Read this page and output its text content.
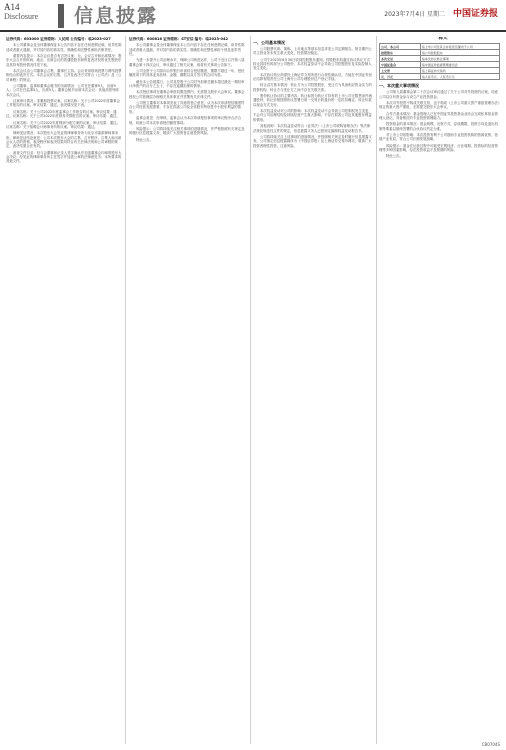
A14
Disclosure 信息披露	2023年7月4日 星期二 中国证券报

证券代码：603000 证券简称：人民网 公告编号：临2023-027

本公司董事会及全体董事保证本公告内容不存在任何虚假记载、误导性陈述或者重大遗漏，并对其内容的真实性、准确性和完整性承担法律责任。

重要内容提示：本次会议是否有否决议案：无。会议召开和出席情况：股东大会召开的时间、地点、出席会议的普通股股东和恢复表决权的优先股股东及其持有股份情况详见下表。

本次会议由公司董事会召集，董事长主持。会议采用现场投票与网络投票相结合的表决方式。本次会议的召集、召开及表决方式符合《公司法》及《公司章程》的规定。

公司董事、监事和董事会秘书的出席情况：公司在任董事9人，出席9人；公司在任监事5人，出席5人；董事会秘书出席本次会议；其他高管列席本次会议。

议案审议情况：非累积投票议案。议案名称：关于公司2022年度董事会工作报告的议案。审议结果：通过。表决情况见下表。

议案名称：关于公司2022年度监事会工作报告的议案。审议结果：通过。议案名称：关于公司2022年度财务决算报告的议案。审议结果：通过。

议案名称：关于公司2022年度利润分配方案的议案。审议结果：通过。议案名称：关于续聘会计师事务所的议案。审议结果：通过。

律师见证情况：本次股东大会见证的律师事务所为北京市嘉源律师事务所。律师见证结论意见：公司本次股东大会的召集、召开程序，召集人和出席会议人员的资格、表决程序和表决结果均符合有关法律法规和公司章程的规定，表决结果合法有效。

备查文件目录：经与会董事和记录人签字确认并加盖董事会印章的股东大会决议；经见证的律师事务所主任签字并加盖公章的法律意见书；本所要求的其他文件。

证券代码：600816 证券简称：ST安信 编号：临2023-042

本公司董事会及全体董事保证本公告内容不存在任何虚假记载、误导性陈述或者重大遗漏，并对其内容的真实性、准确性和完整性承担个别及连带责任。

为进一步提升公司治理水平，保障公司规范运作，公司于近日召开第八届董事会第十四次会议，审议通过了相关议案，现将有关事项公告如下。

公司全资子公司拟向合作银行申请综合授信额度，期限不超过一年，授信额度项下的具体业务品种、金额、期限以双方签订的合同为准。

截至本公告披露日，公司及控股子公司对外担保总额未超过最近一期经审计净资产的百分之五十，不存在逾期担保的情形。

本次授信事项在董事会审批权限范围内，无需提交股东大会审议。董事会授权公司管理层办理相关具体事宜并签署有关法律文件。

公司独立董事对本事项发表了同意的独立意见，认为本次申请授信额度符合公司经营发展需要，不存在损害公司及全体股东特别是中小股东利益的情形。

监事会意见：经审核，监事会认为本次申请授信事项的审议程序合法合规，同意公司本次申请授信额度事项。

风险提示：公司将持续关注相关事项的进展情况，并严格按照有关规定及时履行信息披露义务，敬请广大投资者注意投资风险。

特此公告。

一、公司基本情况

公司股票代码、简称、上市地点等基本信息详见公司定期报告。报告期内公司主营业务未发生重大变化，经营情况稳定。

公司于2023年6月30日收到控股股东通知，控股股东拟通过协议转让方式转让其持有的部分公司股份，本次权益变动不会导致公司控股股东及实际控制人发生变化。

本次协议转让尚需经上海证券交易所进行合规性确认后，方能在中国证券登记结算有限责任公司上海分公司办理股份过户登记手续。

转让双方基本情况：转让方为公司控股股东，受让方为具备相应资金实力的投资机构，转让方与受让方之间不存在关联关系。

股份转让协议的主要内容：转让标的为转让方持有的上市公司无限售条件流通股份；转让价格按照协议签署日前一交易日收盘价的一定折扣确定；转让价款以现金方式支付。

本次权益变动对公司的影响：本次权益变动不会导致公司控制权发生变更，不会对公司治理结构及持续经营产生重大影响，不存在损害公司及其他股东利益的情形。

其他说明：本次权益变动符合《证券法》《上市公司收购管理办法》等法律法规及规范性文件的规定，信息披露义务人已按规定编制权益变动报告书。

公司将持续关注上述事项的进展情况，并按照相关规定及时履行信息披露义务。公司指定信息披露媒体为《中国证券报》及上海证券交易所网站，敬请广大投资者理性投资，注意风险。

释义

公司、本公司	指上市公司及其合并报表范围内子公司
控股股东	指公司控股股东
本次交易	指本次协议转让事项
中国证监会	指中国证券监督管理委员会
上交所	指上海证券交易所
元、万元	指人民币元、人民币万元

一、本次重大事项情况

公司第九届董事会第二十次会议审议通过了关于公司对外投资的议案，同意公司以自有资金参与设立产业投资基金。

本次对外投资不构成关联交易，也不构成《上市公司重大资产重组管理办法》规定的重大资产重组，无需提交股东大会审议。

合作方基本情况：基金管理人已在中国证券投资基金业协会完成私募基金管理人登记，具备相应的专业投资管理能力。

投资基金的基本情况：基金规模、出资方式、存续期限、投资方向及退出机制等要素以最终签署的合伙协议约定为准。

对上市公司的影响：本次投资有利于公司借助专业投资机构的资源优势，拓展产业布局，符合公司长期发展战略。

风险提示：基金在运营过程中可能受宏观经济、行业周期、投资标的经营管理等多种因素影响，存在投资收益不及预期的风险。

特此公告。

CB0704S
